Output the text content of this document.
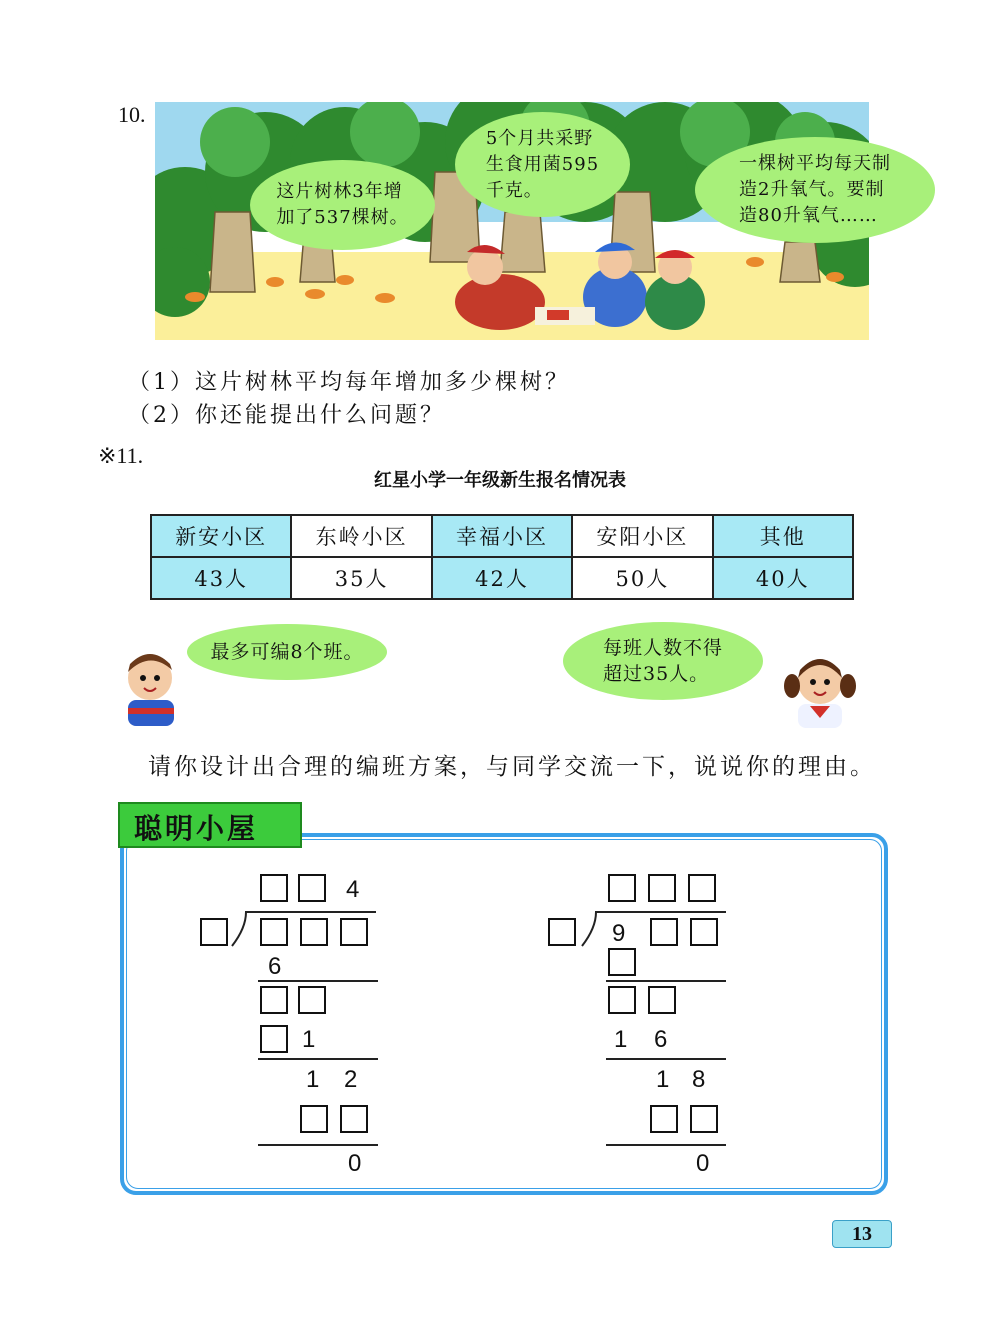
10.
这片树林3年增
加了537棵树。
5个月共采野
生食用菌595
千克。
一棵树平均每天制
造2升氧气。要制
造80升氧气……
（1）这片树林平均每年增加多少棵树？
（2）你还能提出什么问题？
※11.
红星小学一年级新生报名情况表
新安小区	东岭小区	幸福小区	安阳小区	其他
43人	35人	42人	50人	40人
最多可编8个班。	每班人数不得
超过35人。
请你设计出合理的编班方案，与同学交流一下，说说你的理由。
聪明小屋
4
6
1
1 2
0
9
1 6
1 8
0
13
